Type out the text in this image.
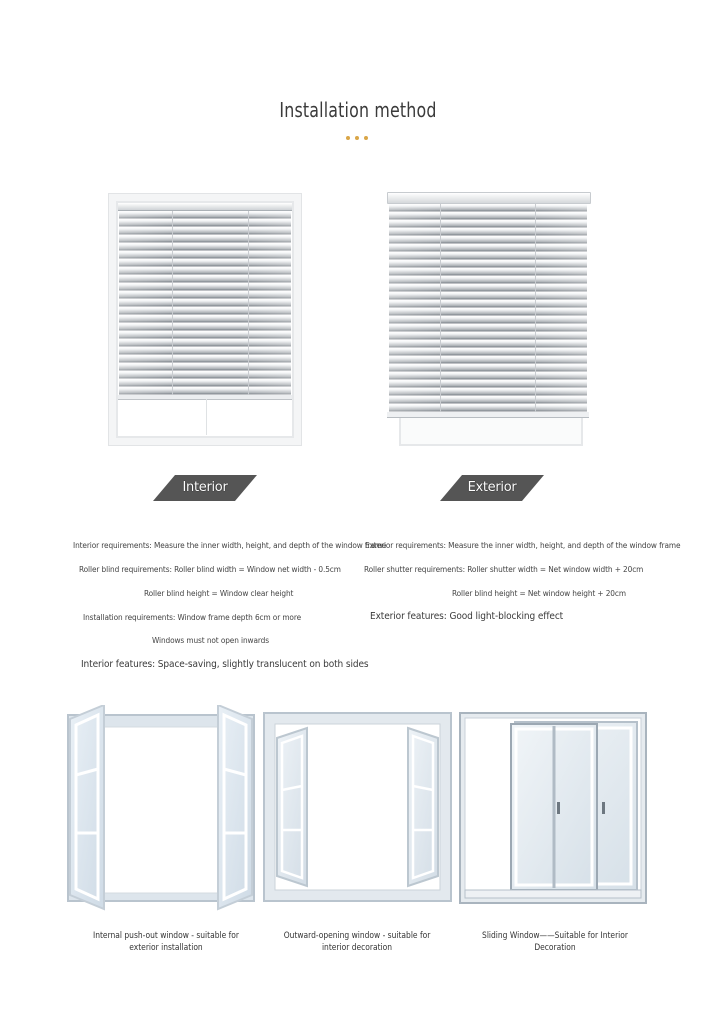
Installation method
Interior	Exterior
Interior requirements: Measure the inner width, height, and depth of the window frame
Roller blind requirements: Roller blind width = Window net width - 0.5cm
Roller blind height = Window clear height
Installation requirements: Window frame depth 6cm or more
Windows must not open inwards
Interior features: Space-saving, slightly translucent on both sides
Exterior requirements: Measure the inner width, height, and depth of the window frame
Roller shutter requirements: Roller shutter width = Net window width + 20cm
Roller blind height = Net window height + 20cm
Exterior features: Good light-blocking effect
Internal push-out window - suitable for
exterior installation
Outward-opening window - suitable for
interior decoration
Sliding Window——Suitable for Interior
Decoration
